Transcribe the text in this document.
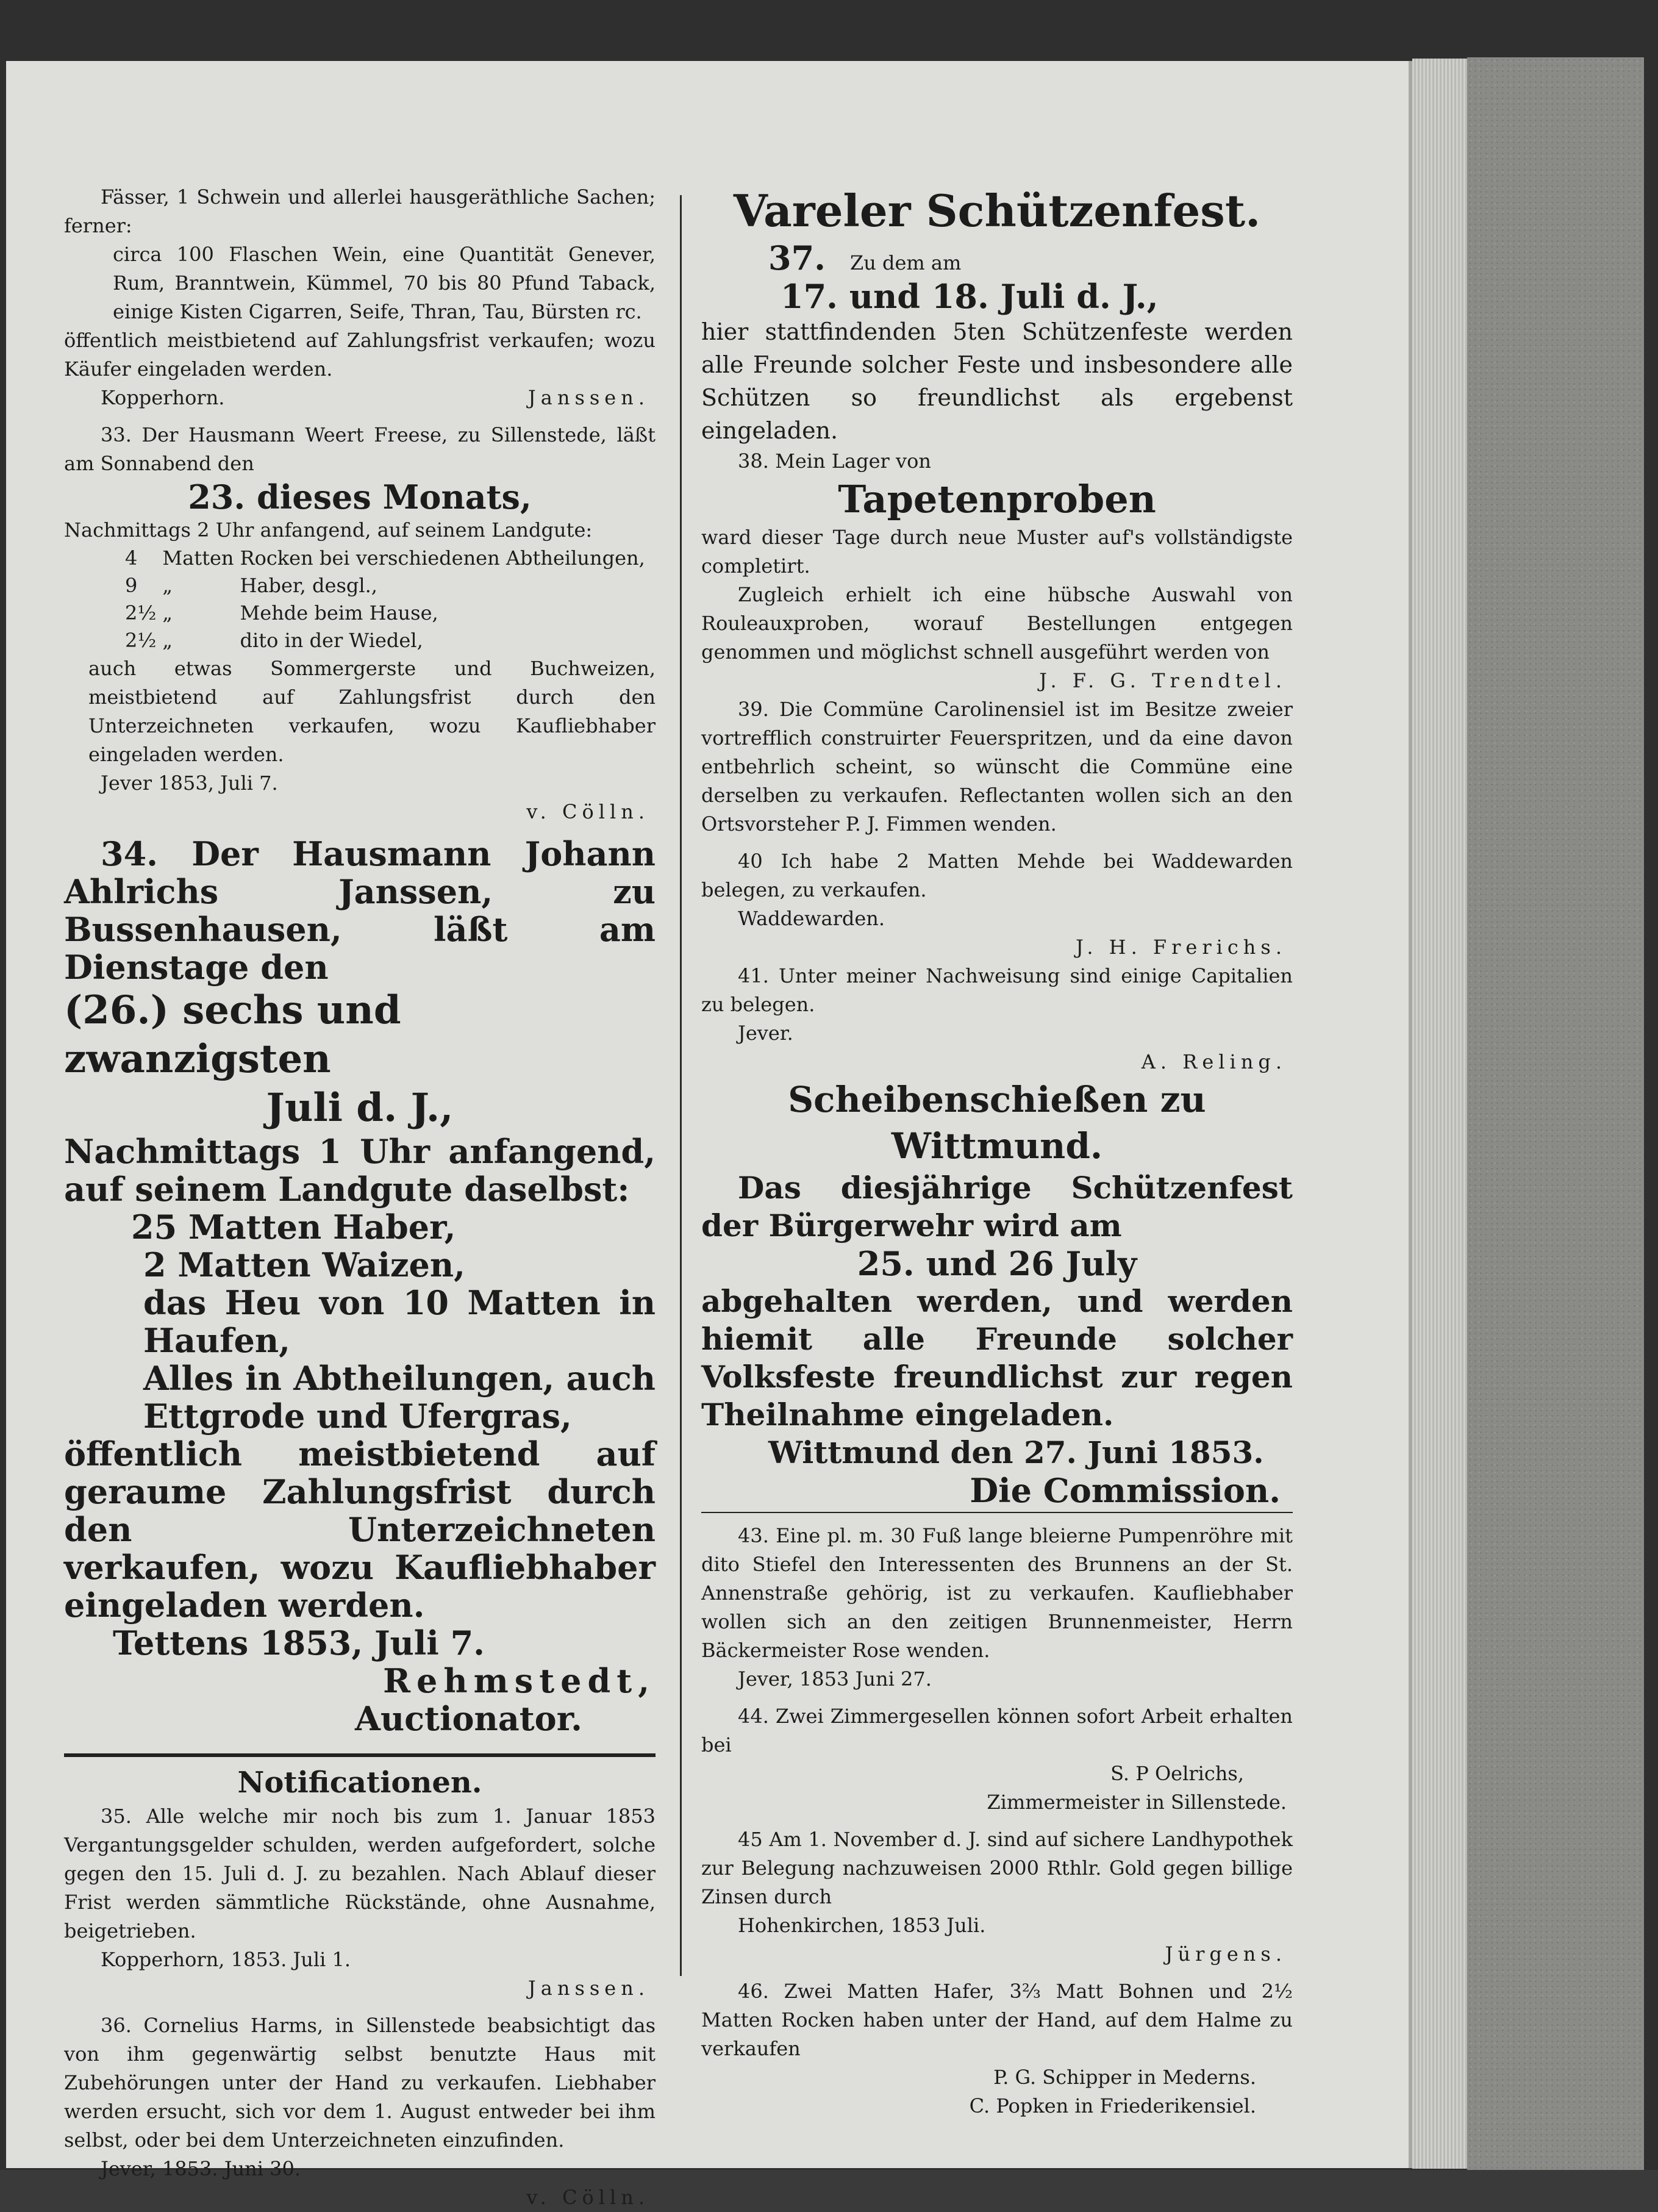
Fässer, 1 Schwein und allerlei hausgeräthliche Sachen; ferner:

circa 100 Flaschen Wein, eine Quantität Genever, Rum, Branntwein, Kümmel, 70 bis 80 Pfund Taback, einige Kisten Cigarren, Seife, Thran, Tau, Bürsten rc.

öffentlich meistbietend auf Zahlungsfrist verkaufen; wozu Käufer eingeladen werden.

Kopperhorn.	Janssen.

33. Der Hausmann Weert Freese, zu Sillenstede, läßt am Sonnabend den

23. dieses Monats,

Nachmittags 2 Uhr anfangend, auf seinem Landgute:

4	Matten	Rocken bei verschiedenen Abtheilungen,
9	„	Haber, desgl.,
2½	„	Mehde beim Hause,
2½	„	dito in der Wiedel,

auch etwas Sommergerste und Buchweizen, meistbietend auf Zahlungsfrist durch den Unterzeichneten verkaufen, wozu Kaufliebhaber eingeladen werden.

Jever 1853, Juli 7.

v. Cölln.

34. Der Hausmann Johann Ahlrichs Janssen, zu Bussenhausen, läßt am Dienstage den

(26.) sechs und zwanzigsten

Juli d. J.,

Nachmittags 1 Uhr anfangend, auf seinem Landgute daselbst:

25 Matten Haber,

2 Matten Waizen,

das Heu von 10 Matten in Haufen,

Alles in Abtheilungen, auch Ettgrode und Ufergras,

öffentlich meistbietend auf geraume Zahlungsfrist durch den Unterzeichneten verkaufen, wozu Kaufliebhaber eingeladen werden.

Tettens 1853, Juli 7.

Rehmstedt,

Auctionator.

Notificationen.

35. Alle welche mir noch bis zum 1. Januar 1853 Vergantungsgelder schulden, werden aufgefordert, solche gegen den 15. Juli d. J. zu bezahlen. Nach Ablauf dieser Frist werden sämmtliche Rückstände, ohne Ausnahme, beigetrieben.

Kopperhorn, 1853. Juli 1.

Janssen.

36. Cornelius Harms, in Sillenstede beabsichtigt das von ihm gegenwärtig selbst benutzte Haus mit Zubehörungen unter der Hand zu verkaufen. Liebhaber werden ersucht, sich vor dem 1. August entweder bei ihm selbst, oder bei dem Unterzeichneten einzufinden.

Jever, 1853. Juni 30.

v. Cölln.

Vareler Schützenfest.

37. Zu dem am

17. und 18. Juli d. J.,

hier stattfindenden 5ten Schützenfeste werden alle Freunde solcher Feste und insbesondere alle Schützen so freundlichst als ergebenst eingeladen.

38. Mein Lager von

Tapetenproben

ward dieser Tage durch neue Muster auf's vollständigste completirt.

Zugleich erhielt ich eine hübsche Auswahl von Rouleauxproben, worauf Bestellungen entgegen genommen und möglichst schnell ausgeführt werden von

J. F. G. Trendtel.

39. Die Commüne Carolinensiel ist im Besitze zweier vortrefflich construirter Feuerspritzen, und da eine davon entbehrlich scheint, so wünscht die Commüne eine derselben zu verkaufen. Reflectanten wollen sich an den Ortsvorsteher P. J. Fimmen wenden.

40 Ich habe 2 Matten Mehde bei Waddewarden belegen, zu verkaufen.

Waddewarden.

J. H. Frerichs.

41. Unter meiner Nachweisung sind einige Capitalien zu belegen.

Jever.

A. Reling.

Scheibenschießen zu Wittmund.

Das diesjährige Schützenfest der Bürgerwehr wird am

25. und 26 July

abgehalten werden, und werden hiemit alle Freunde solcher Volksfeste freundlichst zur regen Theilnahme eingeladen.

Wittmund den 27. Juni 1853.

Die Commission.

43. Eine pl. m. 30 Fuß lange bleierne Pumpenröhre mit dito Stiefel den Interessenten des Brunnens an der St. Annenstraße gehörig, ist zu verkaufen. Kaufliebhaber wollen sich an den zeitigen Brunnenmeister, Herrn Bäckermeister Rose wenden.

Jever, 1853 Juni 27.

44. Zwei Zimmergesellen können sofort Arbeit erhalten bei

S. P Oelrichs,

Zimmermeister in Sillenstede.

45 Am 1. November d. J. sind auf sichere Landhypothek zur Belegung nachzuweisen 2000 Rthlr. Gold gegen billige Zinsen durch

Hohenkirchen, 1853 Juli.

Jürgens.

46. Zwei Matten Hafer, 3⅔ Matt Bohnen und 2½ Matten Rocken haben unter der Hand, auf dem Halme zu verkaufen

P. G. Schipper in Mederns.

C. Popken in Friederikensiel.
